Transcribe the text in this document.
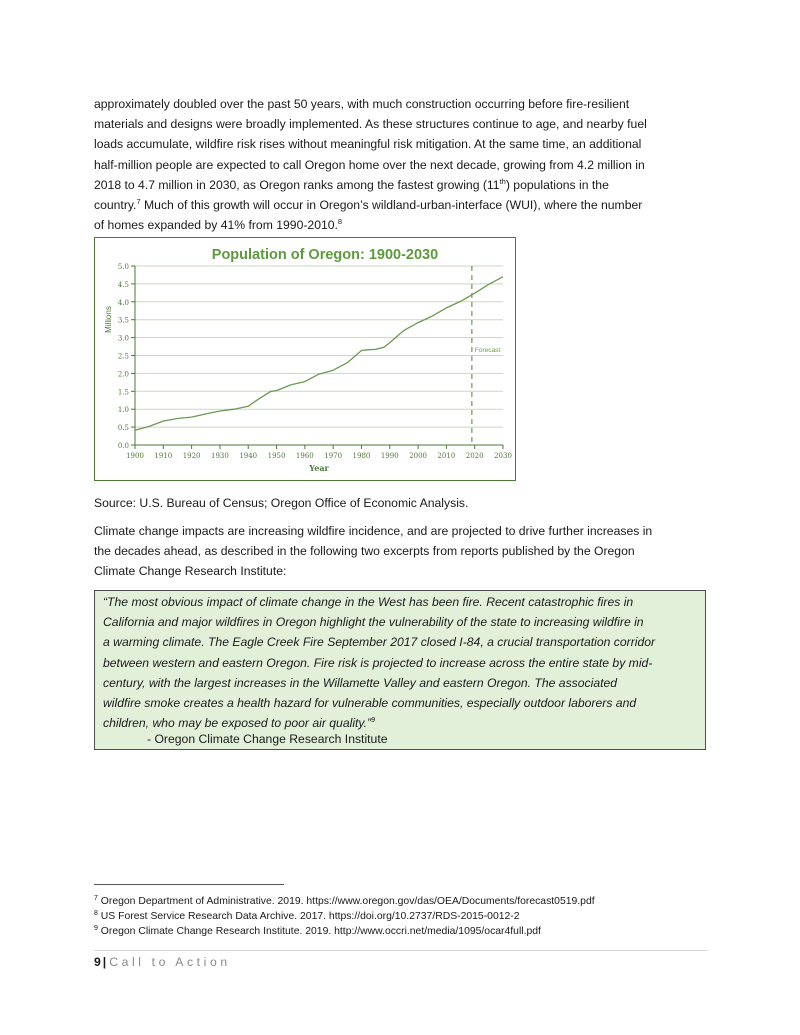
approximately doubled over the past 50 years, with much construction occurring before fire-resilient
materials and designs were broadly implemented. As these structures continue to age, and nearby fuel
loads accumulate, wildfire risk rises without meaningful risk mitigation. At the same time, an additional
half-million people are expected to call Oregon home over the next decade, growing from 4.2 million in
2018 to 4.7 million in 2030, as Oregon ranks among the fastest growing (11th) populations in the
country.$^7$ Much of this growth will occur in Oregon’s wildland-urban-interface (WUI), where the number
of homes expanded by 41% from 1990-2010.$^8$
Population of Oregon: 1900-2030
0.0
0.5
1.0
1.5
2.0
2.5
3.0
3.5
4.0
4.5
5.0
1900 1910 1920 1930 1940 1950 1960 1970 1980 1990 2000 2010 2020 2030
Year
Millions
Forecast

Source: U.S. Bureau of Census; Oregon Office of Economic Analysis.

Climate change impacts are increasing wildfire incidence, and are projected to drive further increases in
the decades ahead, as described in the following two excerpts from reports published by the Oregon
Climate Change Research Institute:
“The most obvious impact of climate change in the West has been fire. Recent catastrophic fires in
California and major wildfires in Oregon highlight the vulnerability of the state to increasing wildfire in
a warming climate. The Eagle Creek Fire September 2017 closed I-84, a crucial transportation corridor
between western and eastern Oregon. Fire risk is projected to increase across the entire state by mid-
century, with the largest increases in the Willamette Valley and eastern Oregon. The associated
wildfire smoke creates a health hazard for vulnerable communities, especially outdoor laborers and
children, who may be exposed to poor air quality.”$^9$

- Oregon Climate Change Research Institute

$^7$ Oregon Department of Administrative. 2019. https://www.oregon.gov/das/OEA/Documents/forecast0519.pdf

$^8$ US Forest Service Research Data Archive. 2017. https://doi.org/10.2737/RDS-2015-0012-2

$^9$ Oregon Climate Change Research Institute. 2019. http://www.occri.net/media/1095/ocar4full.pdf

9 | Call to Action
